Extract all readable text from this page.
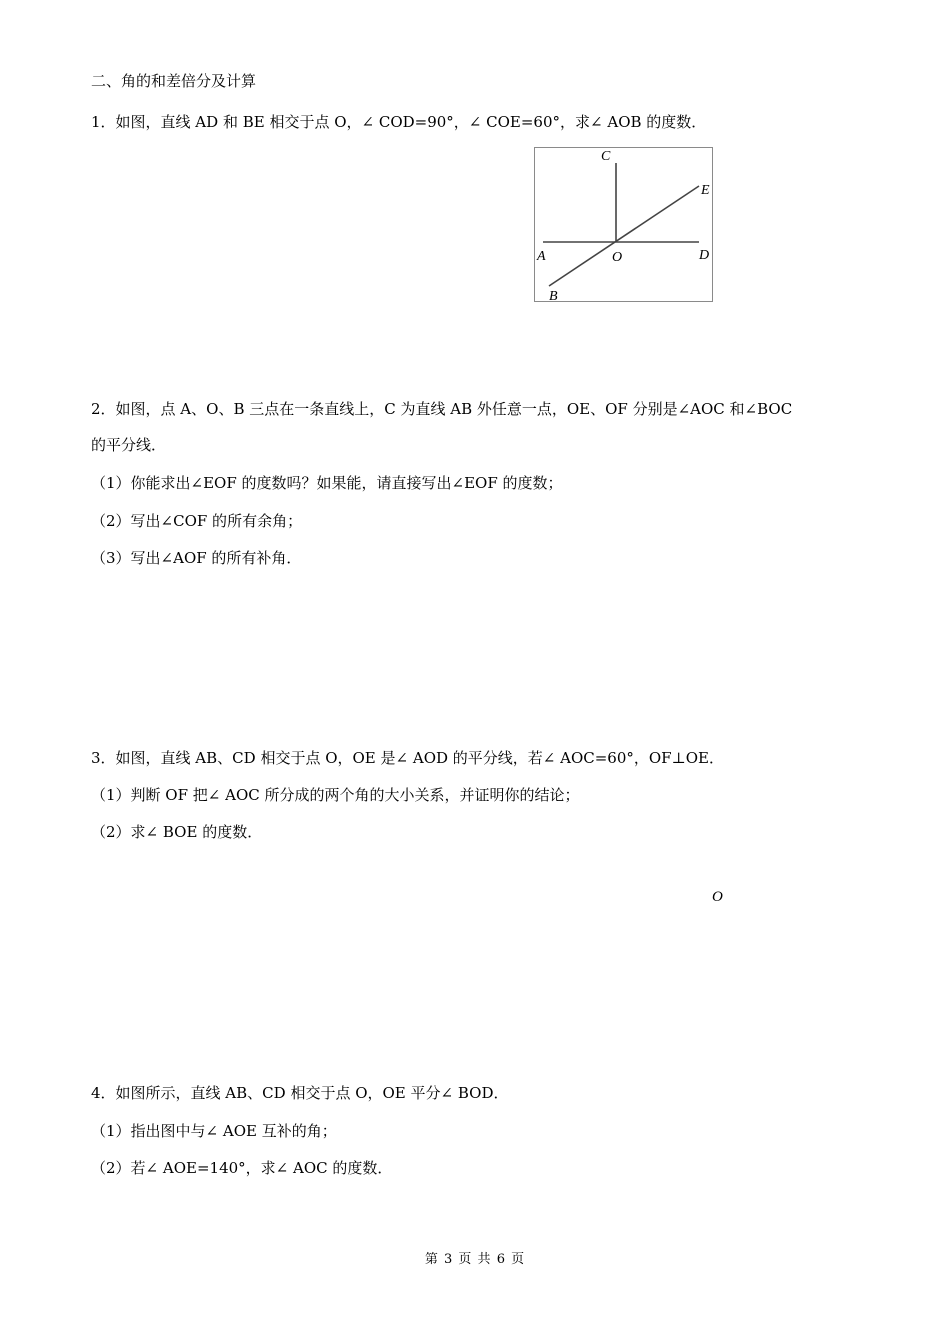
二、角的和差倍分及计算
1．如图，直线 AD 和 BE 相交于点 O，∠ COD=90°，∠ COE=60°，求∠ AOB 的度数．
C
E
A	O	D
B
2．如图，点 A、O、B 三点在一条直线上，C 为直线 AB 外任意一点，OE、OF 分别是∠AOC 和∠BOC
的平分线．
（1）你能求出∠EOF 的度数吗？如果能，请直接写出∠EOF 的度数；
（2）写出∠COF 的所有余角；
（3）写出∠AOF 的所有补角．
3．如图，直线 AB、CD 相交于点 O，OE 是∠ AOD 的平分线，若∠ AOC=60°，OF⊥OE．
（1）判断 OF 把∠ AOC 所分成的两个角的大小关系，并证明你的结论；
（2）求∠ BOE 的度数．
O
4．如图所示，直线 AB、CD 相交于点 O，OE 平分∠ BOD．
（1）指出图中与∠ AOE 互补的角；
（2）若∠ AOE=140°，求∠ AOC 的度数．
第 3 页 共 6 页
